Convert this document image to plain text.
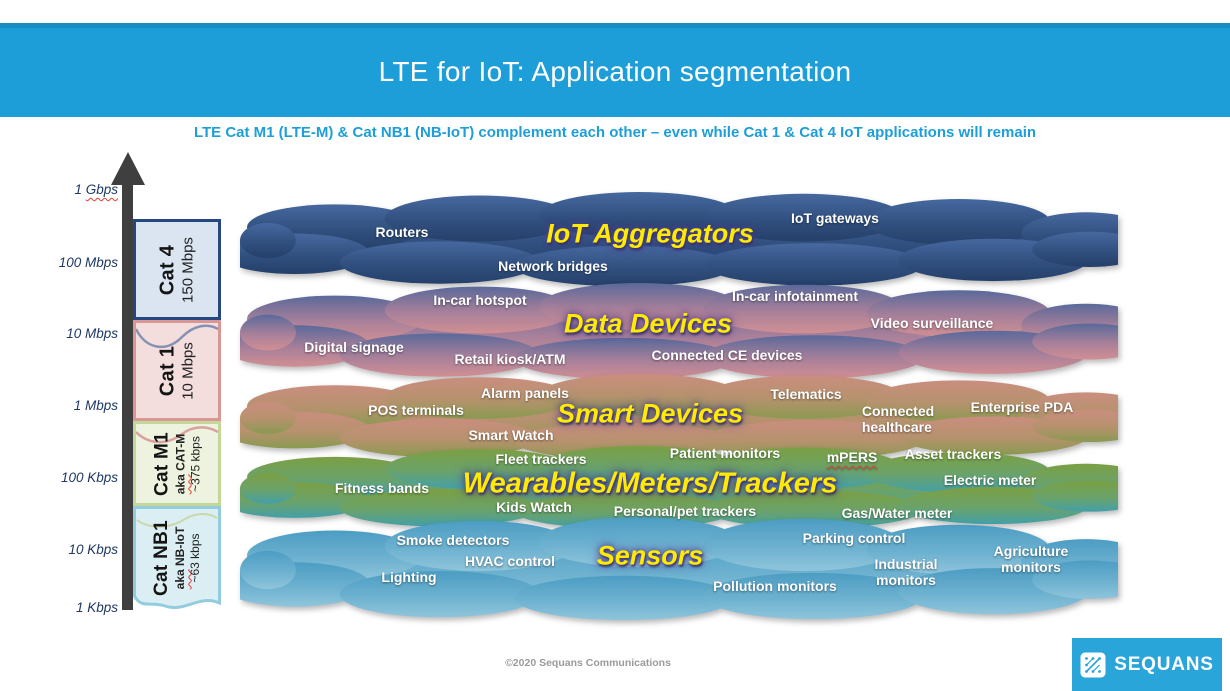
LTE for IoT: Application segmentation
LTE Cat M1 (LTE-M) & Cat NB1 (NB-IoT) complement each other – even while Cat 1 & Cat 4 IoT applications will remain
1 Gbps
100 Mbps
10 Mbps
1 Mbps
100 Kbps
10 Kbps
1 Kbps
Cat 4 150 Mbps
Cat 1 10 Mbps
Cat M1 aka CAT-M ~375 kbps
Cat NB1 aka NB-IoT ~63 kbps
IoT Aggregators
Routers
IoT gateways
Network bridges
Data Devices
In-car hotspot	In-car infotainment
Video surveillance
Digital signage
Retail kiosk/ATM	Connected CE devices
Smart Devices
Alarm panels
POS terminals
Telematics
Connected
healthcare
Enterprise PDA
Smart Watch
Wearables/Meters/Trackers
Fleet trackers	Patient monitors	mPERS Asset trackers
Electric meter
Fitness bands
Kids Watch	Personal/pet trackers	Gas/Water meter
Sensors
Smoke detectors	Parking control
HVAC control	Industrial
monitors
Agriculture
monitors
Lighting
Pollution monitors
©2020 Sequans Communications	SEQUANS
